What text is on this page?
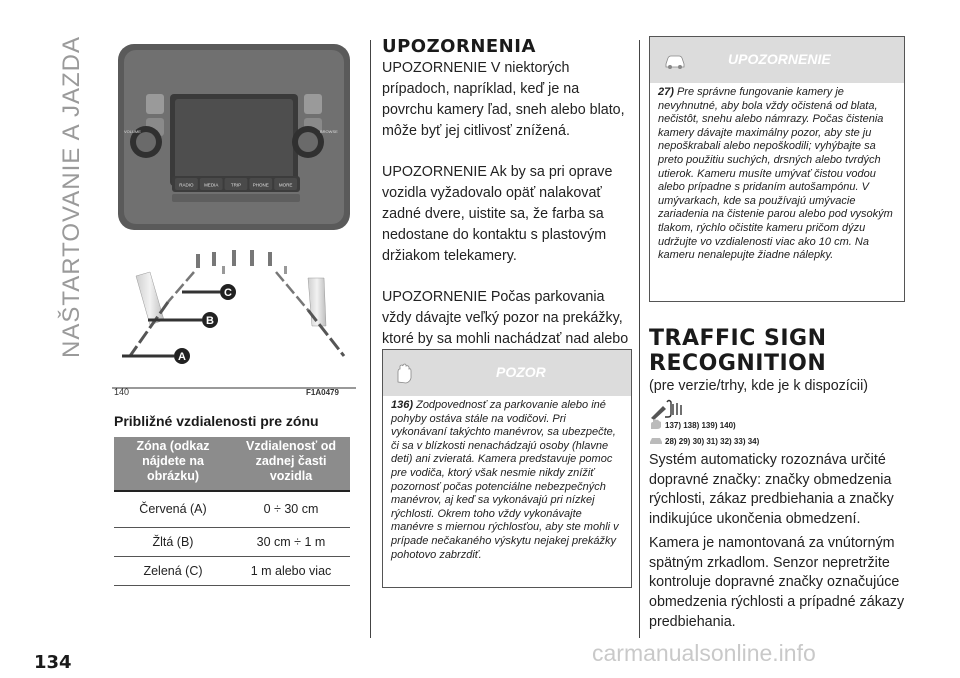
NAŠTARTOVANIE A JAZDA	VOLUME	BROWSE
RADIO MEDIA	TRIP	PHONE MORE
C
B
A
140	F1A0479
Približné vzdialenosti pre zónu
Zóna (odkaz nájdete na obrázku)	Vzdialenosť od zadnej časti vozidla
Červená (A)	0 ÷ 30 cm
Žltá (B)	30 cm ÷ 1 m
Zelená (C)	1 m alebo viac
UPOZORNENIA

UPOZORNENIE V niektorých prípadoch, napríklad, keď je na povrchu kamery ľad, sneh alebo blato, môže byť jej citlivosť znížená.

UPOZORNENIE Ak by sa pri oprave vozidla vyžadovalo opäť nalakovať zadné dvere, uistite sa, že farba sa nedostane do kontaktu s plastovým držiakom telekamery.

UPOZORNENIE Počas parkovania vždy dávajte veľký pozor na prekážky, ktoré by sa mohli nachádzať nad alebo

POZOR
136) Zodpovednosť za parkovanie alebo iné pohyby ostáva stále na vodičovi. Pri vykonávaní takýchto manévrov, sa ubezpečte, či sa v blízkosti nenachádzajú osoby (hlavne deti) ani zvieratá. Kamera predstavuje pomoc pre vodiča, ktorý však nesmie nikdy znížiť pozornosť počas potenciálne nebezpečných manévrov, aj keď sa vykonávajú pri nízkej rýchlosti. Okrem toho vždy vykonávajte manévre s miernou rýchlosťou, aby ste mohli v prípade nečakaného výskytu nejakej prekážky pohotovo zabrzdiť.
UPOZORNENIE
27) Pre správne fungovanie kamery je nevyhnutné, aby bola vždy očistená od blata, nečistôt, snehu alebo námrazy. Počas čistenia kamery dávajte maximálny pozor, aby ste ju nepoškrabali alebo nepoškodili; vyhýbajte sa preto použitiu suchých, drsných alebo tvrdých utierok. Kameru musíte umývať čistou vodou alebo prípadne s pridaním autošampónu. V umývarkach, kde sa používajú umývacie zariadenia na čistenie parou alebo pod vysokým tlakom, rýchlo očistite kameru pričom dýzu udržujte vo vzdialenosti viac ako 10 cm. Na kameru nenalepujte žiadne nálepky.
TRAFFIC SIGN
RECOGNITION
(pre verzie/trhy, kde je k dispozícii)
137) 138) 139) 140)
28) 29) 30) 31) 32) 33) 34)

Systém automaticky rozoznáva určité dopravné značky: značky obmedzenia rýchlosti, zákaz predbiehania a značky indikujúce ukončenia obmedzení.

Kamera je namontovaná za vnútorným spätným zrkadlom. Senzor nepretržite kontroluje dopravné značky označujúce obmedzenia rýchlosti a prípadné zákazy predbiehania.

134	carmanualsonline.info
